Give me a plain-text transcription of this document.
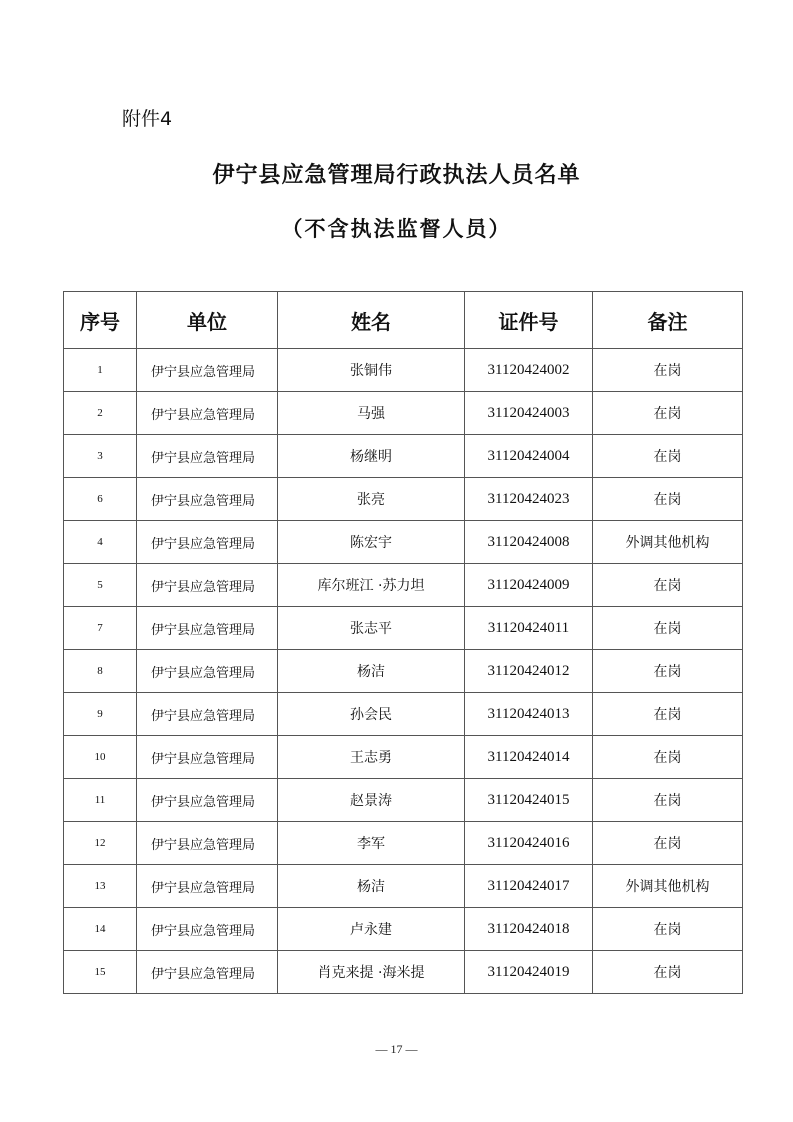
附件4
伊宁县应急管理局行政执法人员名单
（不含执法监督人员）
序号	单位	姓名	证件号	备注
1	伊宁县应急管理局	张铜伟	31120424002	在岗
2	伊宁县应急管理局	马强	31120424003	在岗
3	伊宁县应急管理局	杨继明	31120424004	在岗
6	伊宁县应急管理局	张亮	31120424023	在岗
4	伊宁县应急管理局	陈宏宇	31120424008	外调其他机构
5	伊宁县应急管理局	库尔班江 ·苏力坦	31120424009	在岗
7	伊宁县应急管理局	张志平	31120424011	在岗
8	伊宁县应急管理局	杨洁	31120424012	在岗
9	伊宁县应急管理局	孙会民	31120424013	在岗
10	伊宁县应急管理局	王志勇	31120424014	在岗
11	伊宁县应急管理局	赵景涛	31120424015	在岗
12	伊宁县应急管理局	李军	31120424016	在岗
13	伊宁县应急管理局	杨洁	31120424017	外调其他机构
14	伊宁县应急管理局	卢永建	31120424018	在岗
15	伊宁县应急管理局	肖克来提 ·海米提	31120424019	在岗
— 17 —
